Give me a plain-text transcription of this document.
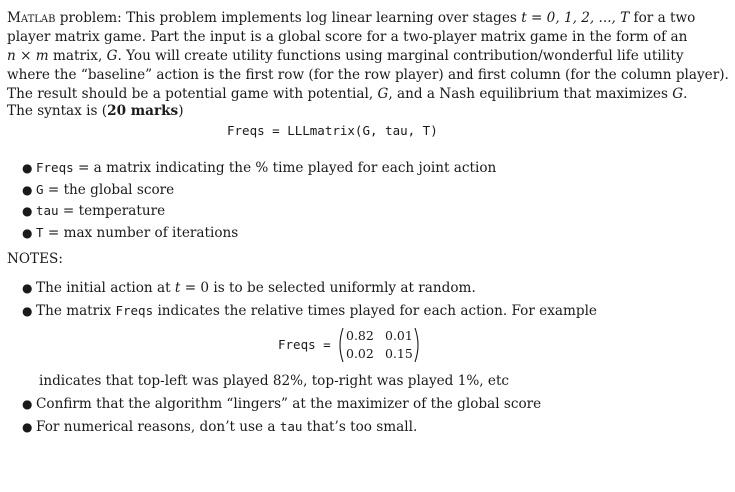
Matlab problem: This problem implements log linear learning over stages t = 0, 1, 2, ..., T for a two
player matrix game. Part the input is a global score for a two-player matrix game in the form of an
n × m matrix, G. You will create utility functions using marginal contribution/wonderful life utility
where the “baseline” action is the first row (for the row player) and first column (for the column player).
The result should be a potential game with potential, G, and a Nash equilibrium that maximizes G.
The syntax is (20 marks)
Freqs = LLLmatrix(G, tau, T)
● Freqs = a matrix indicating the % time played for each joint action
● G = the global score
● tau = temperature
● T = max number of iterations
NOTES:
● The initial action at t = 0 is to be selected uniformly at random.
● The matrix Freqs indicates the relative times played for each action. For example
Freqs =
0.82 0.01
0.02 0.15
indicates that top-left was played 82%, top-right was played 1%, etc
● Confirm that the algorithm “lingers” at the maximizer of the global score
● For numerical reasons, don’t use a tau that’s too small.
